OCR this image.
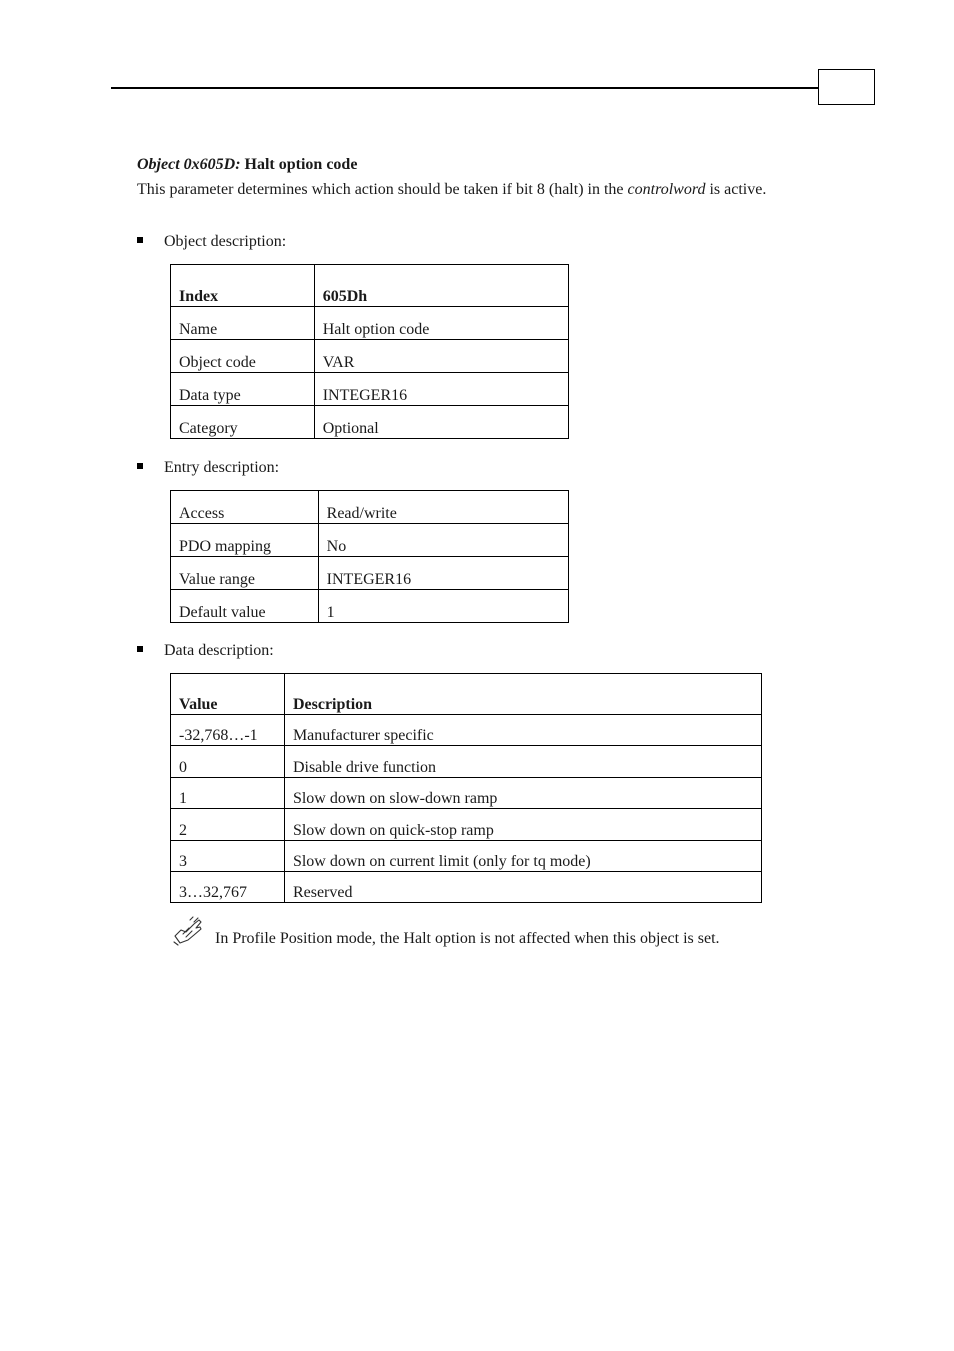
Object 0x605D: Halt option code
This parameter determines which action should be taken if bit 8 (halt) in the controlword is active.
Object description:
Index	605Dh
Name	Halt option code
Object code	VAR
Data type	INTEGER16
Category	Optional
Entry description:
Access	Read/write
PDO mapping	No
Value range	INTEGER16
Default value	1
Data description:
Value	Description
-32,768…-1	Manufacturer specific
0	Disable drive function
1	Slow down on slow-down ramp
2	Slow down on quick-stop ramp
3	Slow down on current limit (only for tq mode)
3…32,767	Reserved
In Profile Position mode, the Halt option is not affected when this object is set.
